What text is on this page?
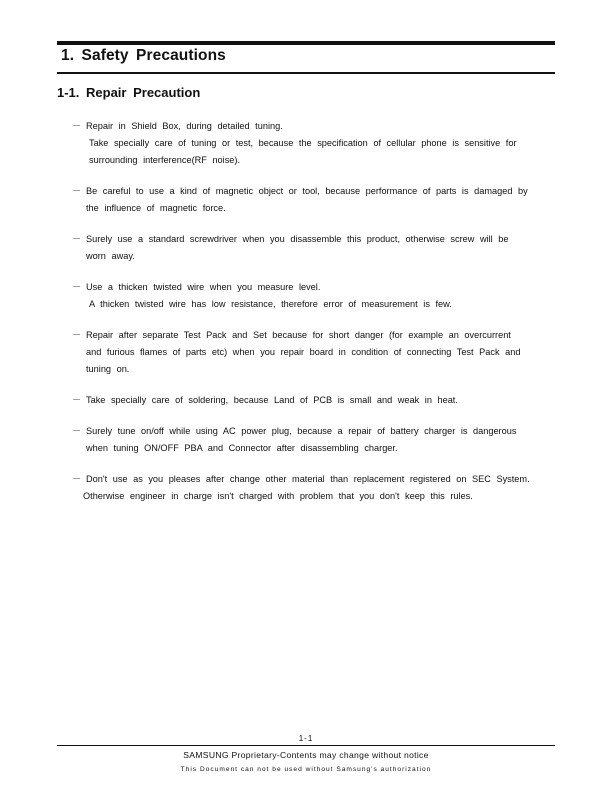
1. Safety Precautions
1-1. Repair Precaution
－ Repair in Shield Box, during detailed tuning.
Take specially care of tuning or test, because the specification of cellular phone is sensitive for
surrounding interference(RF noise).
－ Be careful to use a kind of magnetic object or tool, because performance of parts is damaged by
the influence of magnetic force.
－ Surely use a standard screwdriver when you disassemble this product, otherwise screw will be
worn away.
－ Use a thicken twisted wire when you measure level.
A thicken twisted wire has low resistance, therefore error of measurement is few.
－ Repair after separate Test Pack and Set because for short danger (for example an overcurrent
and furious flames of parts etc) when you repair board in condition of connecting Test Pack and
tuning on.
－ Take specially care of soldering, because Land of PCB is small and weak in heat.
－ Surely tune on/off while using AC power plug, because a repair of battery charger is dangerous
when tuning ON/OFF PBA and Connector after disassembling charger.
－ Don't use as you pleases after change other material than replacement registered on SEC System.
Otherwise engineer in charge isn't charged with problem that you don't keep this rules.
1-1
SAMSUNG Proprietary-Contents may change without notice
This Document can not be used without Samsung's authorization
